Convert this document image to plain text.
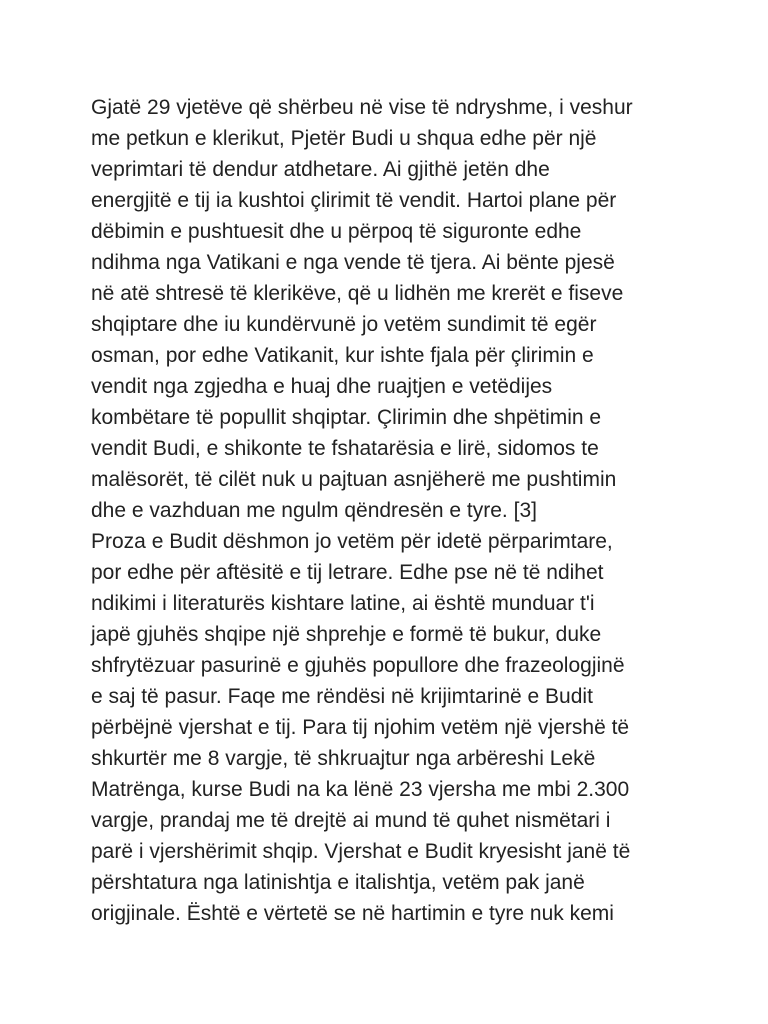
Gjatë 29 vjetëve që shërbeu në vise të ndryshme, i veshur
me petkun e klerikut, Pjetër Budi u shqua edhe për një
veprimtari të dendur atdhetare. Ai gjithë jetën dhe
energjitë e tij ia kushtoi çlirimit të vendit. Hartoi plane për
dëbimin e pushtuesit dhe u përpoq të siguronte edhe
ndihma nga Vatikani e nga vende të tjera. Ai bënte pjesë
në atë shtresë të klerikëve, që u lidhën me krerët e fiseve
shqiptare dhe iu kundërvunë jo vetëm sundimit të egër
osman, por edhe Vatikanit, kur ishte fjala për çlirimin e
vendit nga zgjedha e huaj dhe ruajtjen e vetëdijes
kombëtare të popullit shqiptar. Çlirimin dhe shpëtimin e
vendit Budi, e shikonte te fshatarësia e lirë, sidomos te
malësorët, të cilët nuk u pajtuan asnjëherë me pushtimin
dhe e vazhduan me ngulm qëndresën e tyre. [3]
Proza e Budit dëshmon jo vetëm për idetë përparimtare,
por edhe për aftësitë e tij letrare. Edhe pse në të ndihet
ndikimi i literaturës kishtare latine, ai është munduar t'i
japë gjuhës shqipe një shprehje e formë të bukur, duke
shfrytëzuar pasurinë e gjuhës popullore dhe frazeologjinë
e saj të pasur. Faqe me rëndësi në krijimtarinë e Budit
përbëjnë vjershat e tij. Para tij njohim vetëm një vjershë të
shkurtër me 8 vargje, të shkruajtur nga arbëreshi Lekë
Matrënga, kurse Budi na ka lënë 23 vjersha me mbi 2.300
vargje, prandaj me të drejtë ai mund të quhet nismëtari i
parë i vjershërimit shqip. Vjershat e Budit kryesisht janë të
përshtatura nga latinishtja e italishtja, vetëm pak janë
origjinale. Është e vërtetë se në hartimin e tyre nuk kemi
